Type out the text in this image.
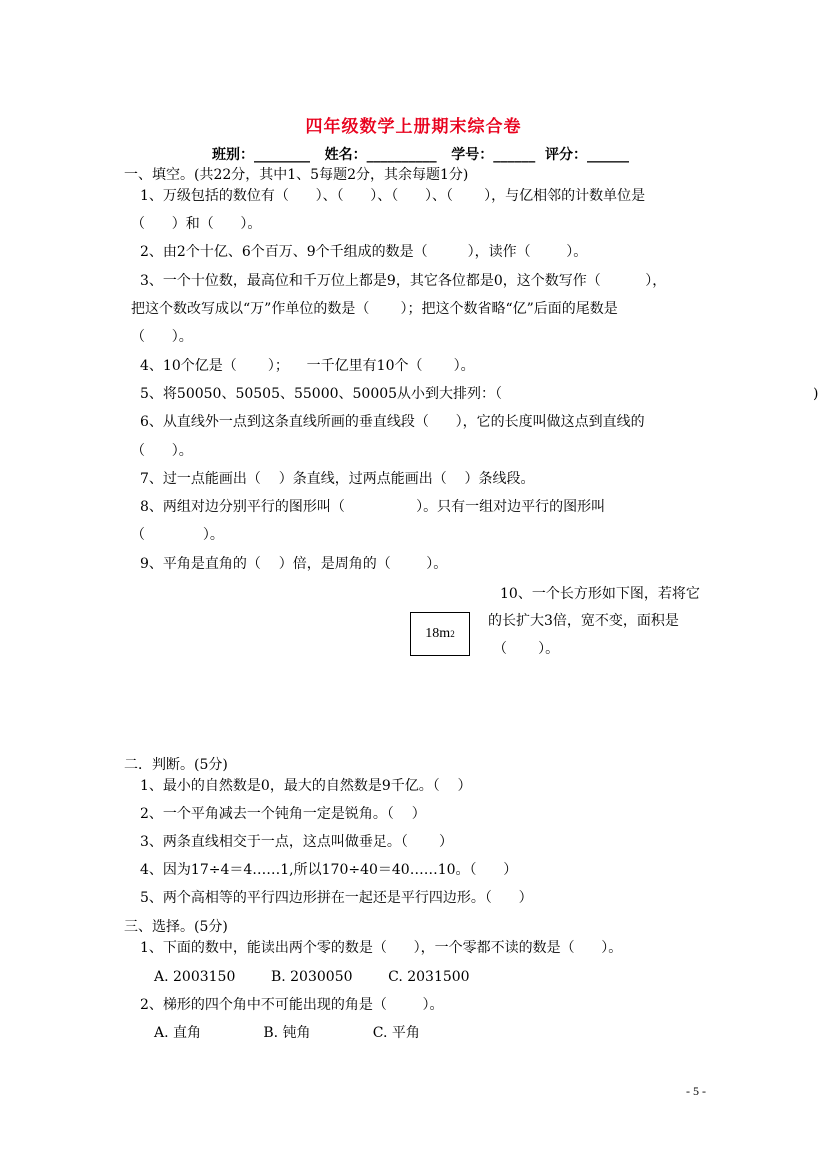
四年级数学上册期末综合卷
班别：________   姓名：__________   学号：______  评分：______
一、填空。(共22分，其中1、5每题2分，其余每题1分)
1、万级包括的数位有（      ）、（      ）、（      ）、（       ），与亿相邻的计数单位是
（      ）和（      ）。
2、由2个十亿、6个百万、9个千组成的数是（         ），读作（        ）。
3、一个十位数，最高位和千万位上都是9，其它各位都是0，这个数写作（          ），
把这个数改写成以“万”作单位的数是（       ）；把这个数省略“亿”后面的尾数是
（      ）。
4、10个亿是（       ）；    一千亿里有10个（       ）。
5、将50050、50505、55000、50005从小到大排列：（	)
6、从直线外一点到这条直线所画的垂直线段（      ），它的长度叫做这点到直线的
（      ）。
7、过一点能画出（    ）条直线，过两点能画出（    ）条线段。
8、两组对边分别平行的图形叫（                ）。只有一组对边平行的图形叫
（             ）。
9、平角是直角的（    ）倍，是周角的（        ）。
10、一个长方形如下图，若将它
的长扩大3倍，宽不变，面积是
（       ）。
18m 2
二．判断。(5分)
1、最小的自然数是0，最大的自然数是9千亿。（    ）
2、一个平角减去一个钝角一定是锐角。（    ）
3、两条直线相交于一点，这点叫做垂足。（       ）
4、因为17÷4＝4……1,所以170÷40＝40……10。（      ）
5、两个高相等的平行四边形拼在一起还是平行四边形。（      ）
三、选择。(5分)
1、下面的数中，能读出两个零的数是（      ），一个零都不读的数是（      ）。
A. 2003150        B. 2030050        C. 2031500
2、梯形的四个角中不可能出现的角是（        ）。
A. 直角              B. 钝角              C. 平角
- 5 -
